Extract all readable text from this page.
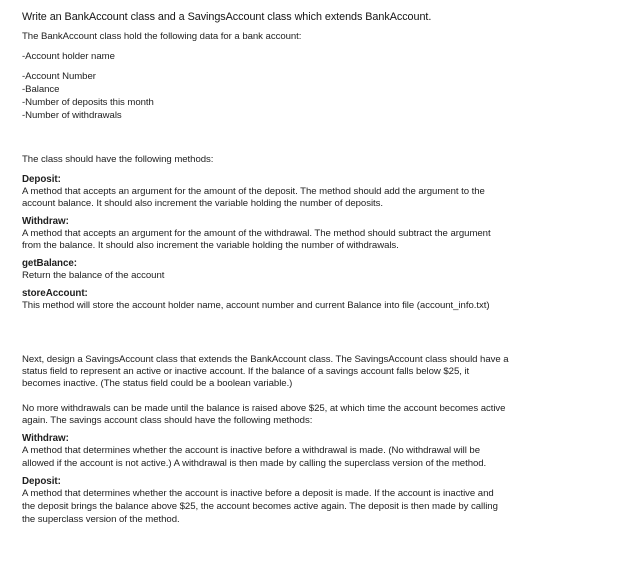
Write an BankAccount class and a SavingsAccount class which extends BankAccount.
The BankAccount class hold the following data for a bank account:
-Account holder name
-Account Number
-Balance
-Number of deposits this month
-Number of withdrawals
The class should have the following methods:
Deposit:
A method that accepts an argument for the amount of the deposit. The method should add the argument to the
account balance. It should also increment the variable holding the number of deposits.
Withdraw:
A method that accepts an argument for the amount of the withdrawal. The method should subtract the argument
from the balance. It should also increment the variable holding the number of withdrawals.
getBalance:
Return the balance of the account
storeAccount:
This method will store the account holder name, account number and current Balance into file (account_info.txt)
Next, design a SavingsAccount class that extends the BankAccount class. The SavingsAccount class should have a
status field to represent an active or inactive account. If the balance of a savings account falls below $25, it
becomes inactive. (The status field could be a boolean variable.)
No more withdrawals can be made until the balance is raised above $25, at which time the account becomes active
again. The savings account class should have the following methods:
Withdraw:
A method that determines whether the account is inactive before a withdrawal is made. (No withdrawal will be
allowed if the account is not active.) A withdrawal is then made by calling the superclass version of the method.
Deposit:
A method that determines whether the account is inactive before a deposit is made. If the account is inactive and
the deposit brings the balance above $25, the account becomes active again. The deposit is then made by calling
the superclass version of the method.
